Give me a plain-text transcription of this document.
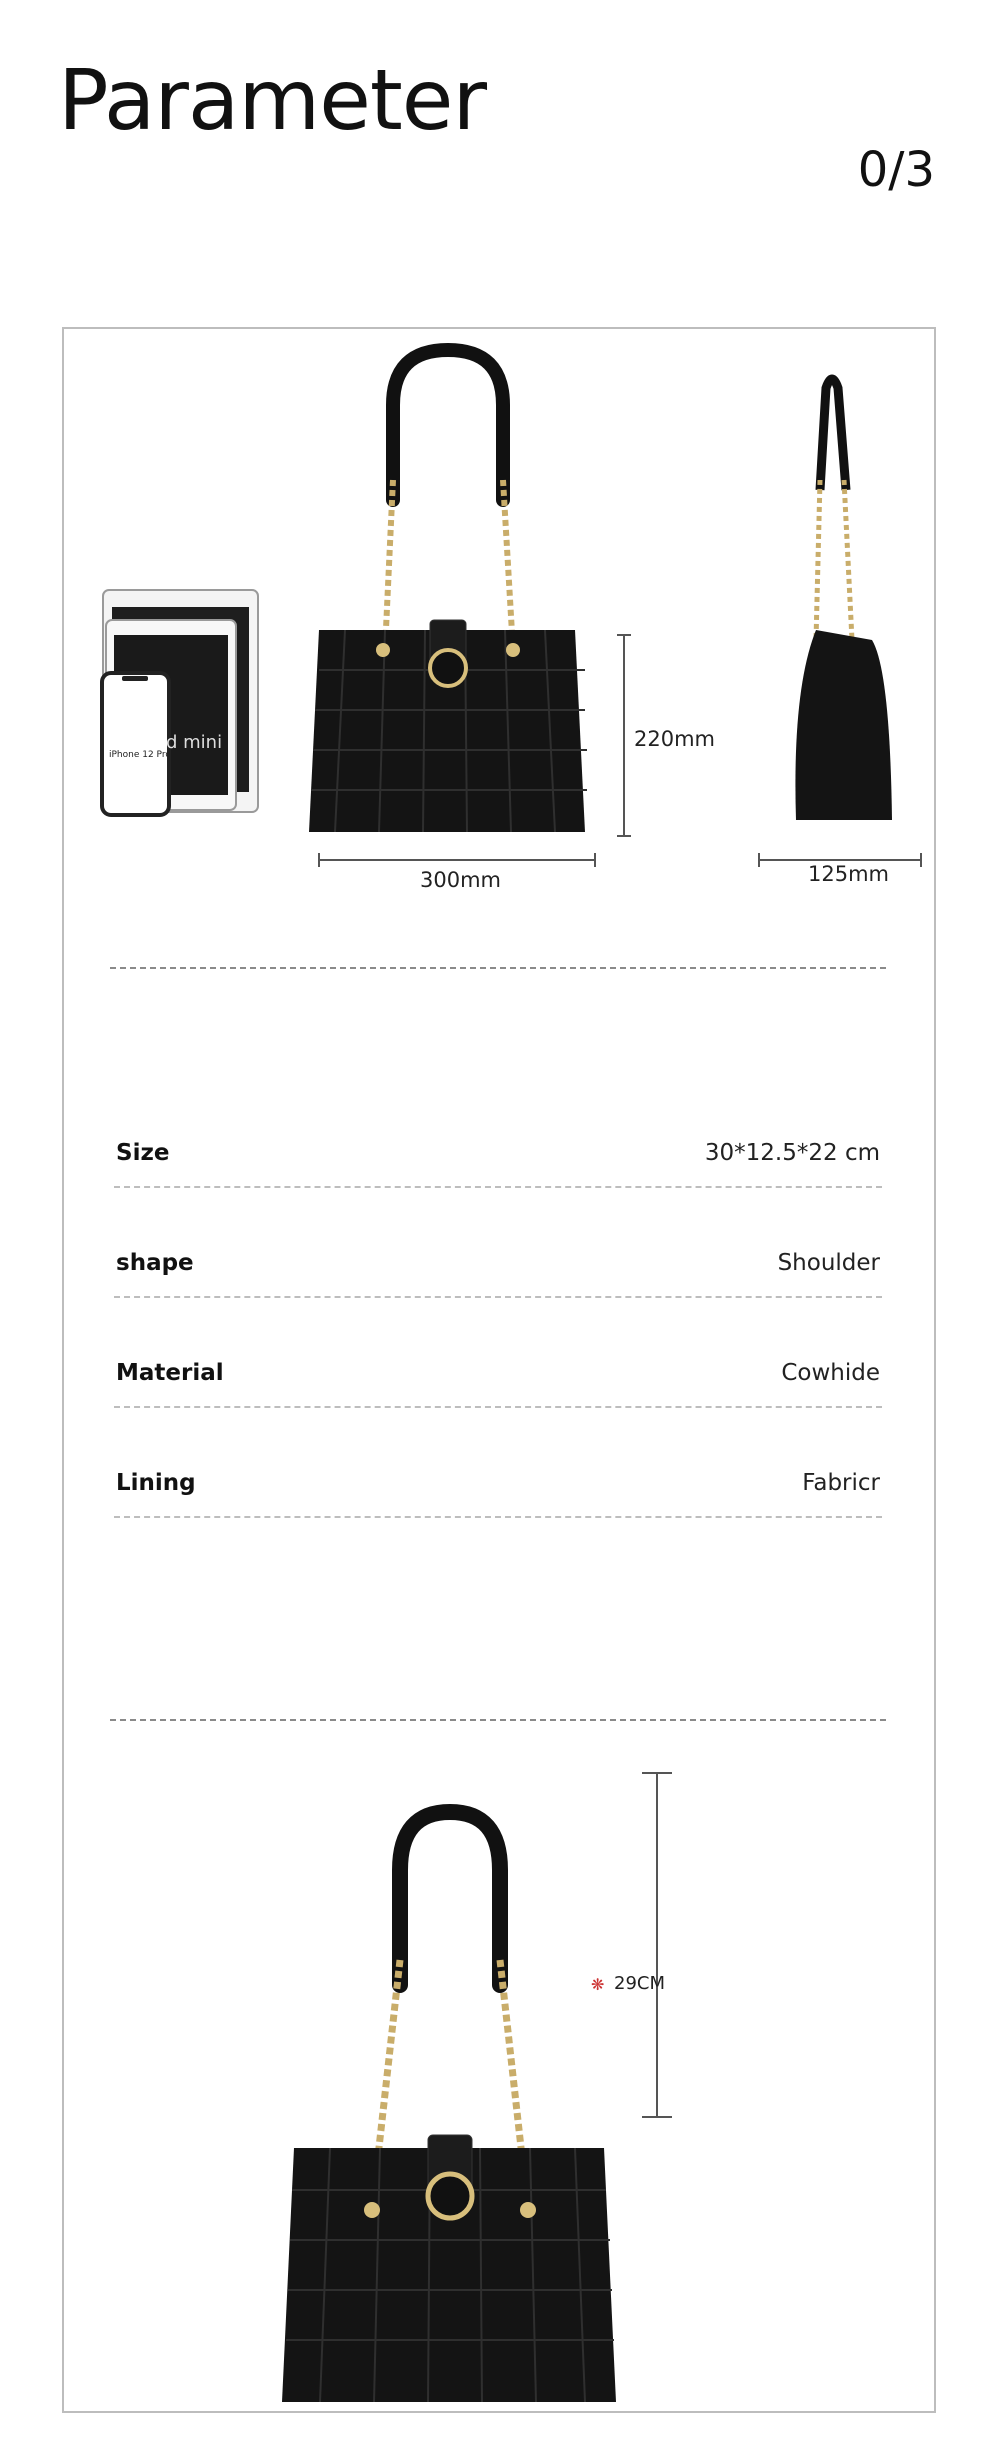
Parameter
0/3
d mini
iPhone 12 Pro
300mm
220mm
125mm
Size	30*12.5*22 cm
shape	Shoulder
Material	Cowhide
Lining	Fabricr
❋ 29CM
